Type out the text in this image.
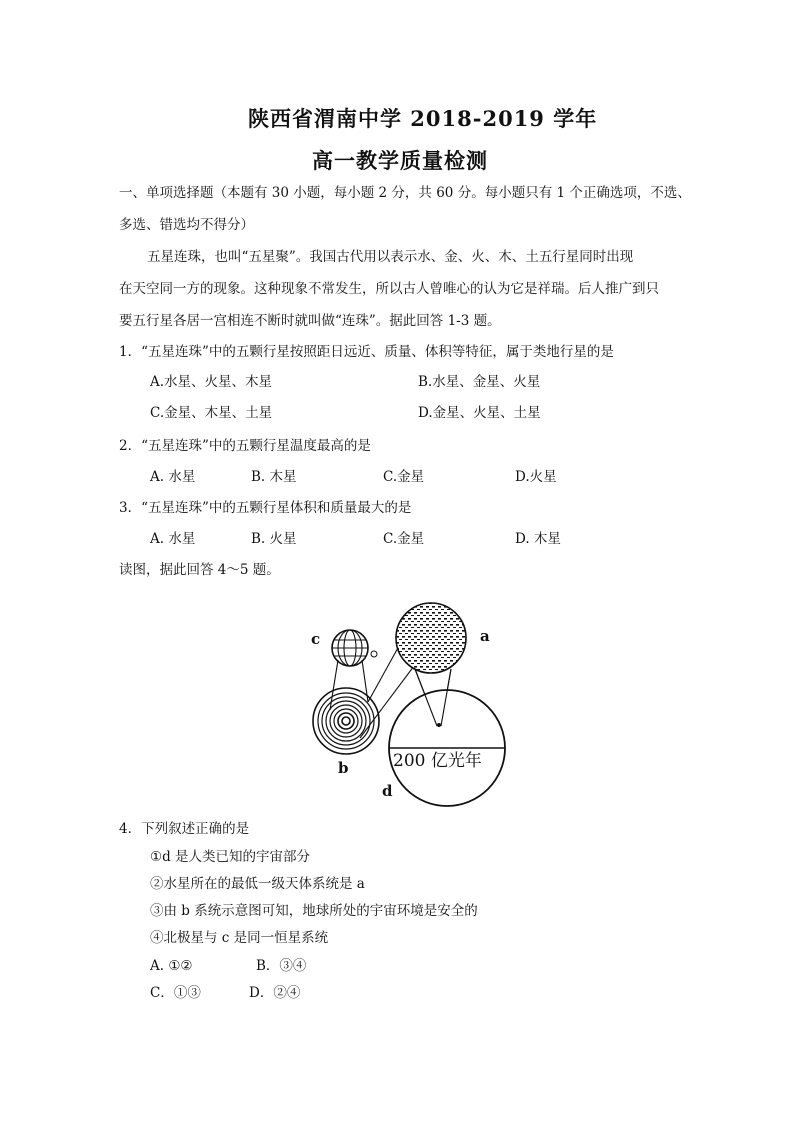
陕西省渭南中学 2018-2019 学年
高一教学质量检测
一、单项选择题（本题有 30 小题，每小题 2 分，共 60 分。每小题只有 1 个正确选项，不选、
多选、错选均不得分）
五星连珠，也叫“五星聚”。我国古代用以表示水、金、火、木、土五行星同时出现
在天空同一方的现象。这种现象不常发生，所以古人曾唯心的认为它是祥瑞。后人推广到只
要五行星各居一宫相连不断时就叫做“连珠”。据此回答 1-3 题。
1．“五星连珠”中的五颗行星按照距日远近、质量、体积等特征，属于类地行星的是
A.水星、火星、木星	B.水星、金星、火星
C.金星、木星、土星	D.金星、火星、土星
2．“五星连珠”中的五颗行星温度最高的是
A. 水星	B. 木星	C.金星	D.火星
3．“五星连珠”中的五颗行星体积和质量最大的是
A. 水星	B. 火星	C.金星	D. 木星
读图，据此回答 4～5 题。
200 亿光年
a
b
c
d
4．下列叙述正确的是
①d 是人类已知的宇宙部分
②水星所在的最低一级天体系统是 a
③由 b 系统示意图可知，地球所处的宇宙环境是安全的
④北极星与 c 是同一恒星系统
A. ①②	B．③④
C．①③	D．②④
